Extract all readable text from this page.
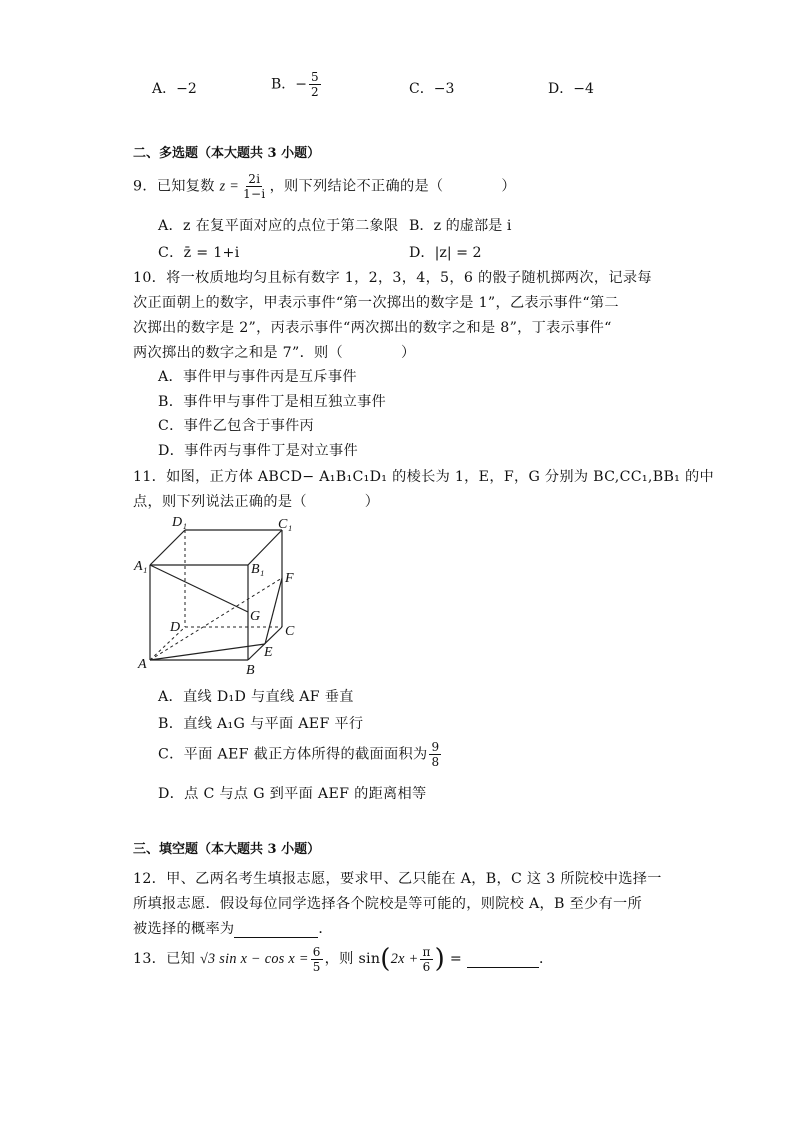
A．−2	B．− $\frac{5}{2}$	C．−3	D．−4
二、多选题（本大题共 3 小题）
9．已知复数 $z = \frac{2i}{1-i}$ ，则下列结论不正确的是（　　　　）
A．z 在复平面对应的点位于第二象限 B．z 的虚部是 i
C．z̄ = 1+i	D．|z| = 2
10．将一枚质地均匀且标有数字 1，2，3，4，5，6 的骰子随机掷两次，记录每
次正面朝上的数字，甲表示事件“第一次掷出的数字是 1”，乙表示事件“第二
次掷出的数字是 2”，丙表示事件“两次掷出的数字之和是 8”，丁表示事件“
两次掷出的数字之和是 7”．则（　　　　）
A．事件甲与事件丙是互斥事件
B．事件甲与事件丁是相互独立事件
C．事件乙包含于事件丙
D．事件丙与事件丁是对立事件
11．如图，正方体 ABCD− A₁B₁C₁D₁ 的棱长为 1，E，F，G 分别为 BC,CC₁,BB₁ 的中
点，则下列说法正确的是（　　　　）
D₁	C₁
A₁	B₁
F
G
D	C
E
A	B
A．直线 D₁D 与直线 AF 垂直
B．直线 A₁G 与平面 AEF 平行
C．平面 AEF 截正方体所得的截面面积为 $\frac{9}{8}$
D．点 C 与点 G 到平面 AEF 的距离相等
三、填空题（本大题共 3 小题）
12．甲、乙两名考生填报志愿，要求甲、乙只能在 A，B，C 这 3 所院校中选择一
所填报志愿．假设每位同学选择各个院校是等可能的，则院校 A，B 至少有一所
被选择的概率为	．
13．已知 √3 $\sin x - \cos x = \frac{6}{5}$ ，则 $\sin(2x + \frac{\pi}{6}$ ) =	．
